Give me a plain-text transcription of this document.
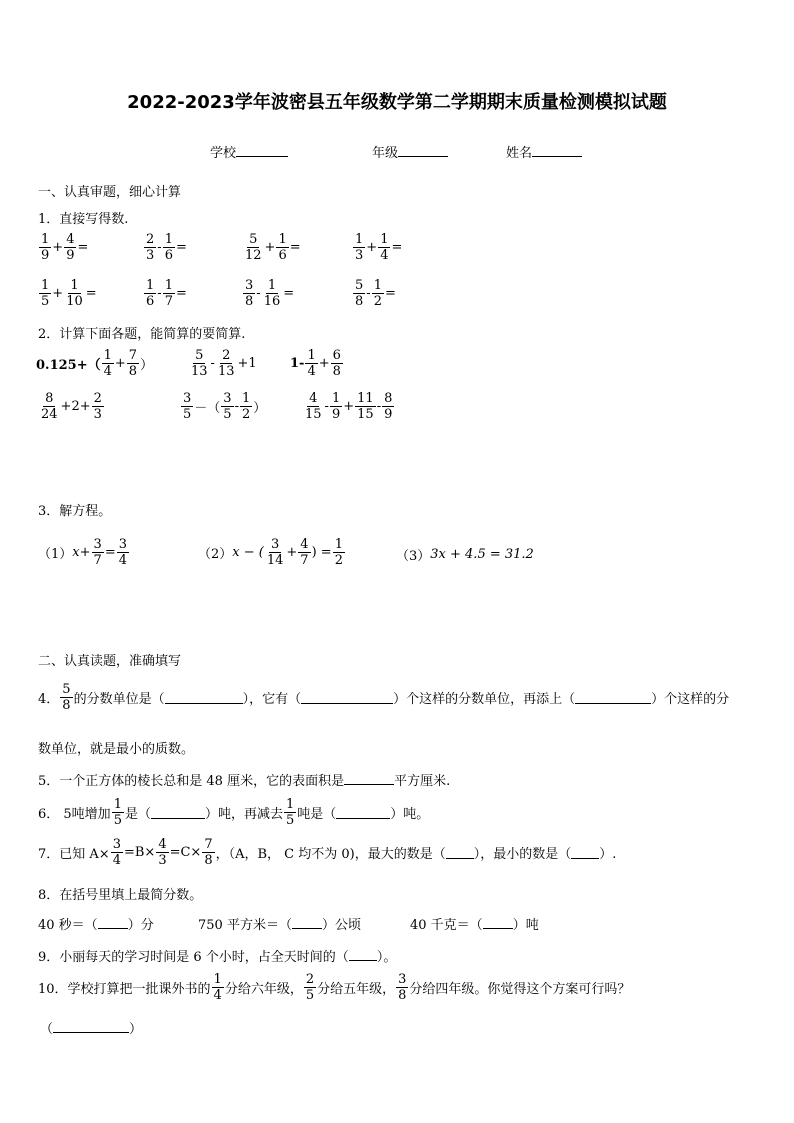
2022-2023学年波密县五年级数学第二学期期末质量检测模拟试题
学校	年级	姓名
一、认真审题，细心计算
1．直接写得数.
$\frac{1}{9} + \frac{4}{9}$ =	$\frac{2}{3} - \frac{1}{6}$ =	$\frac{5}{12} + \frac{1}{6}$ =	$\frac{1}{3} + \frac{1}{4}$ =
$\frac{1}{5} + \frac{1}{10}$ =	$\frac{1}{6} - \frac{1}{7}$ =	$\frac{3}{8} - \frac{1}{16}$ =	$\frac{5}{8} - \frac{1}{2}$ =
2．计算下面各题，能简算的要简算.
$0.125+( \frac{1}{4} + \frac{7}{8}$ ）	$\frac{5}{13} - \frac{2}{13} +1$	$1- \frac{1}{4} + \frac{6}{8}$
$\frac{8}{24} +2+ \frac{2}{3}$	$\frac{3}{5}$ －（ $\frac{3}{5} - \frac{1}{2}$ ）	$\frac{4}{15} - \frac{1}{9} + \frac{11}{15} - \frac{8}{9}$
3．解方程。
（1） $x + \frac{3}{7} = \frac{3}{4}$	（2） x − ( $\frac{3}{14} + \frac{4}{7}$ ) = $\frac{1}{2}$	（3） 3x + 4.5 = 31.2
二、认真读题，准确填写
4． $\frac{5}{8}$ 的分数单位是（	），它有（	）个这样的分数单位，再添上（	）个这样的分
数单位，就是最小的质数。
5．一个正方体的棱长总和是 48 厘米，它的表面积是	平方厘米.
6． 5吨增加 $\frac{1}{5}$ 是（	）吨，再减去 $\frac{1}{5}$ 吨是（	）吨。
7．已知 $A\times \frac{3}{4} =B\times \frac{4}{3} =C\times \frac{7}{8}$ ，（A，B， C 均不为 0)，最大的数是（ ），最小的数是（ ）.
8．在括号里填上最简分数。
40 秒＝（ ）分	750 平方米＝（ ）公顷	40 千克＝（ ）吨
9．小丽每天的学习时间是 6 个小时，占全天时间的（ ）。
10．学校打算把一批课外书的 $\frac{1}{4}$ 分给六年级， $\frac{2}{5}$ 分给五年级， $\frac{3}{8}$ 分给四年级。你觉得这个方案可行吗？
（	）
